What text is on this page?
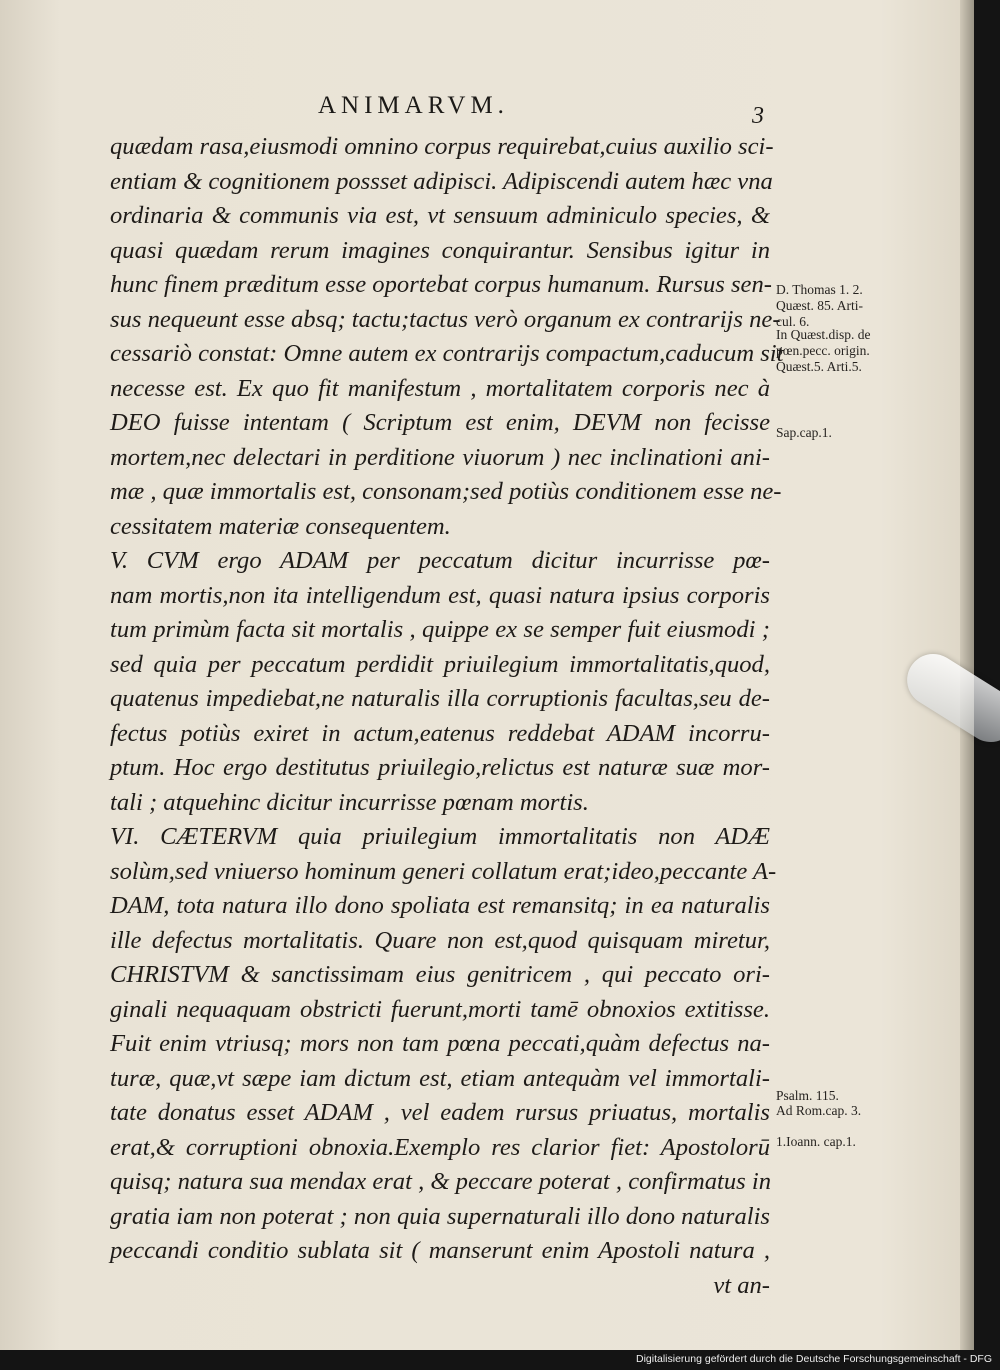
ANIMARVM.	3
quædam rasa,eiusmodi omnino corpus requirebat,cuius auxilio sci-
entiam & cognitionem possset adipisci. Adipiscendi autem hæc vna
ordinaria & communis via est, vt sensuum adminiculo species, &
quasi quædam rerum imagines conquirantur. Sensibus igitur in
hunc finem præditum esse oportebat corpus humanum. Rursus sen-
sus nequeunt esse absq; tactu;tactus verò organum ex contrarijs ne-
cessariò constat: Omne autem ex contrarijs compactum,caducum sit
necesse est. Ex quo fit manifestum , mortalitatem corporis nec à
DEO fuisse intentam ( Scriptum est enim, DEVM non fecisse
mortem,nec delectari in perditione viuorum ) nec inclinationi ani-
mæ , quæ immortalis est, consonam;sed potiùs conditionem esse ne-
cessitatem materiæ consequentem.
V. CVM ergo ADAM per peccatum dicitur incurrisse pœ-
nam mortis,non ita intelligendum est, quasi natura ipsius corporis
tum primùm facta sit mortalis , quippe ex se semper fuit eiusmodi ;
sed quia per peccatum perdidit priuilegium immortalitatis,quod,
quatenus impediebat,ne naturalis illa corruptionis facultas,seu de-
fectus potiùs exiret in actum,eatenus reddebat ADAM incorru-
ptum. Hoc ergo destitutus priuilegio,relictus est naturæ suæ mor-
tali ; atquehinc dicitur incurrisse pœnam mortis.
VI. CÆTERVM quia priuilegium immortalitatis non ADÆ
solùm,sed vniuerso hominum generi collatum erat;ideo,peccante A-
DAM, tota natura illo dono spoliata est remansitq; in ea naturalis
ille defectus mortalitatis. Quare non est,quod quisquam miretur,
CHRISTVM & sanctissimam eius genitricem , qui peccato ori-
ginali nequaquam obstricti fuerunt,morti tamē obnoxios extitisse.
Fuit enim vtriusq; mors non tam pœna peccati,quàm defectus na-
turæ, quæ,vt sæpe iam dictum est, etiam antequàm vel immortali-
tate donatus esset ADAM , vel eadem rursus priuatus, mortalis
erat,& corruptioni obnoxia.Exemplo res clarior fiet: Apostolorū
quisq; natura sua mendax erat , & peccare poterat , confirmatus in
gratia iam non poterat ; non quia supernaturali illo dono naturalis
peccandi conditio sublata sit ( manserunt enim Apostoli natura ,
vt an-
D. Thomas 1. 2.
Quæst. 85. Arti-
cul. 6.
In Quæst.disp. de
pœn.pecc. origin.
Quæst.5. Arti.5.
Sap.cap.1.
Psalm. 115.
Ad Rom.cap. 3.
1.Ioann. cap.1.
Digitalisierung gefördert durch die Deutsche Forschungsgemeinschaft - DFG
